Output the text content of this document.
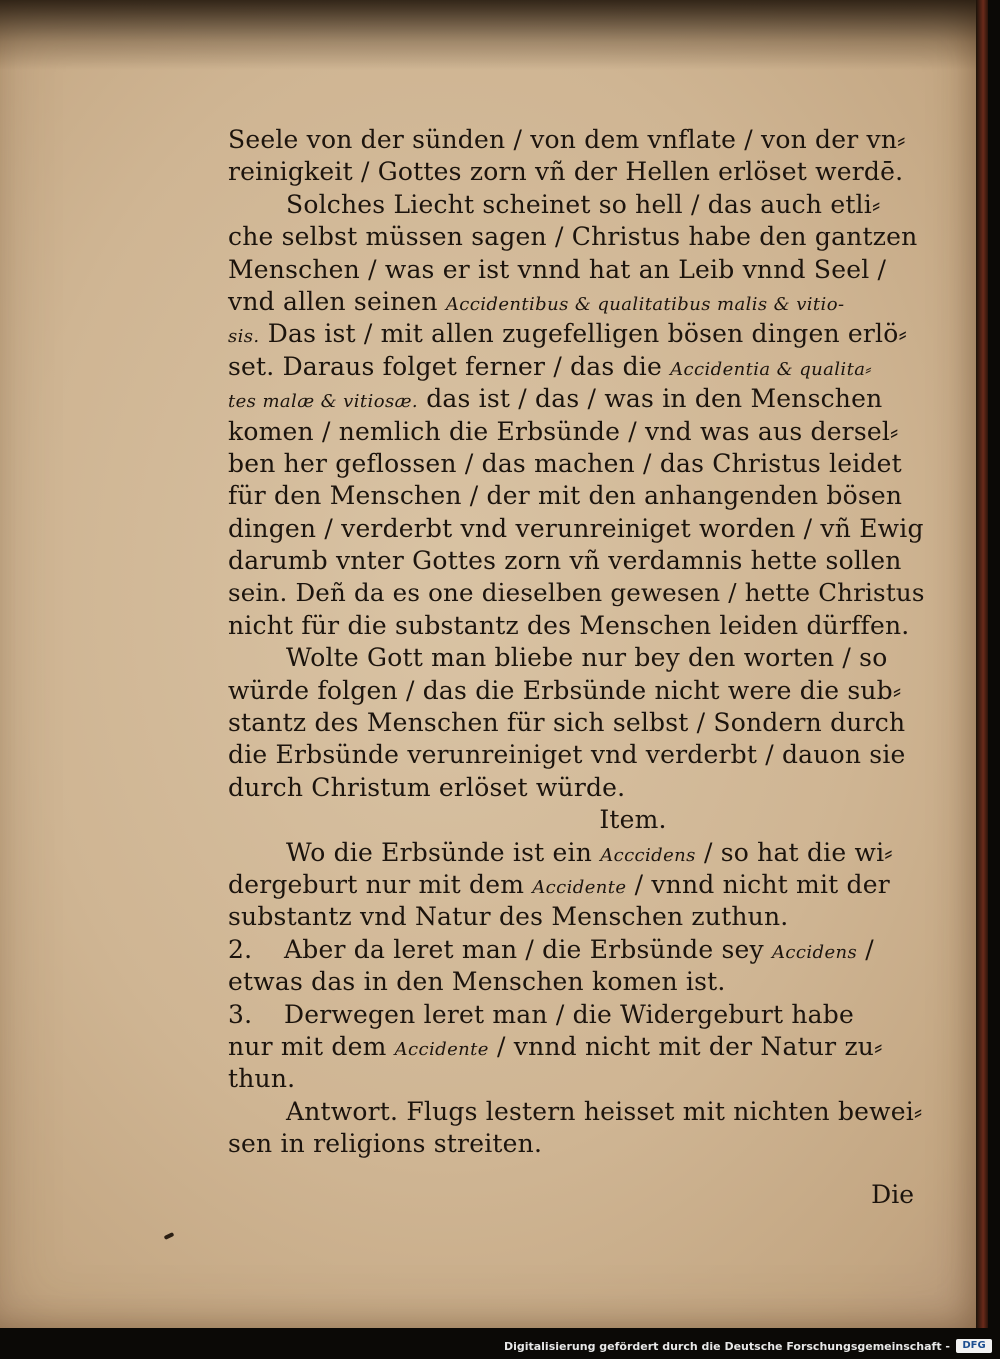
Seele von der sünden / von dem vnflate / von der vn⸗
reinigkeit / Gottes zorn vñ der Hellen erlöset werdē.
Solches Liecht scheinet so hell / das auch etli⸗
che selbst müssen sagen / Christus habe den gantzen
Menschen / was er ist vnnd hat an Leib vnnd Seel /
vnd allen seinen Accidentibus & qualitatibus malis & vitio-
sis. Das ist / mit allen zugefelligen bösen dingen erlö⸗
set. Daraus folget ferner / das die Accidentia & qualita⸗
tes malæ & vitiosæ. das ist / das / was in den Menschen
komen / nemlich die Erbsünde / vnd was aus dersel⸗
ben her geflossen / das machen / das Christus leidet
für den Menschen / der mit den anhangenden bösen
dingen / verderbt vnd verunreiniget worden / vñ Ewig
darumb vnter Gottes zorn vñ verdamnis hette sollen
sein. Deñ da es one dieselben gewesen / hette Christus
nicht für die substantz des Menschen leiden dürffen.
Wolte Gott man bliebe nur bey den worten / so
würde folgen / das die Erbsünde nicht were die sub⸗
stantz des Menschen für sich selbst / Sondern durch
die Erbsünde verunreiniget vnd verderbt / dauon sie
durch Christum erlöset würde.
Item.
Wo die Erbsünde ist ein Acccidens / so hat die wi⸗
dergeburt nur mit dem Accidente / vnnd nicht mit der
substantz vnd Natur des Menschen zuthun.
2. Aber da leret man / die Erbsünde sey Accidens /
etwas das in den Menschen komen ist.
3. Derwegen leret man / die Widergeburt habe
nur mit dem Accidente / vnnd nicht mit der Natur zu⸗
thun.
Antwort. Flugs lestern heisset mit nichten bewei⸗
sen in religions streiten.
Die
Digitalisierung gefördert durch die Deutsche Forschungsgemeinschaft -	DFG
